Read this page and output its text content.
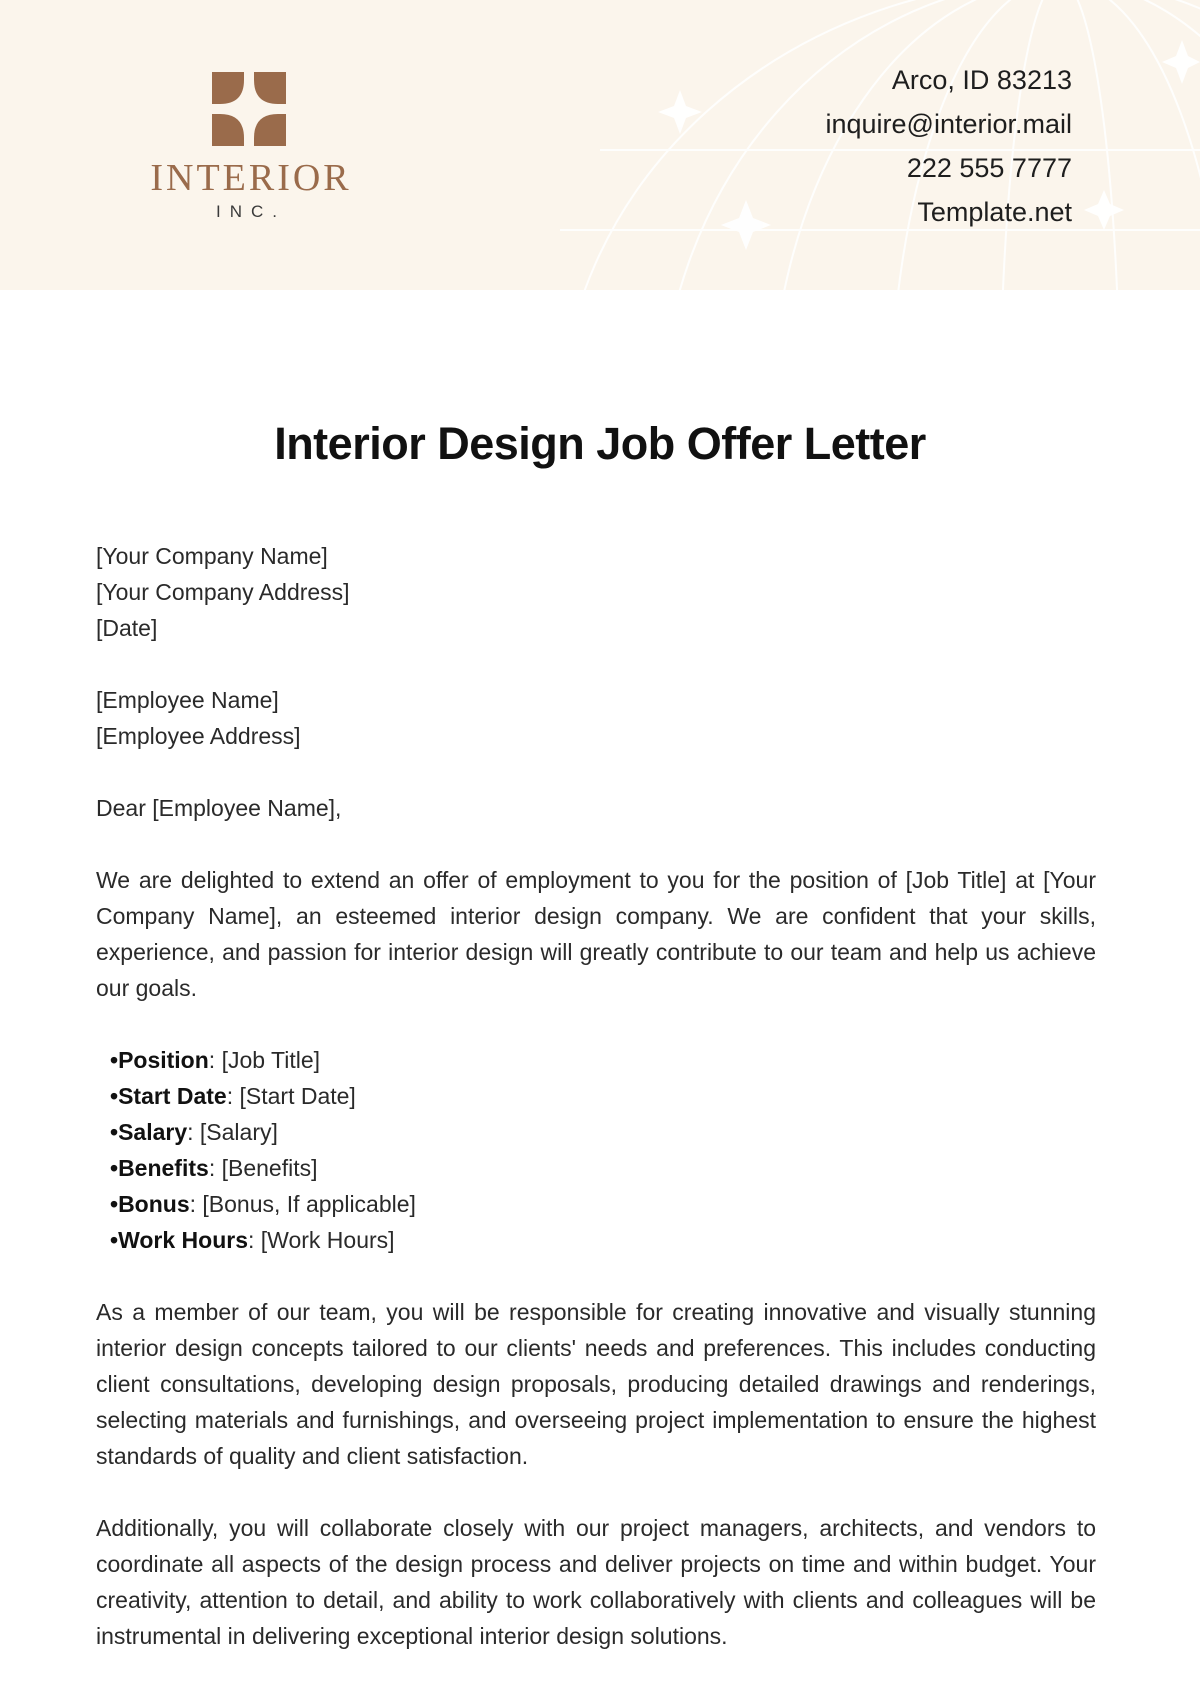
INTERIOR
INC.
Arco, ID 83213
inquire@interior.mail
222 555 7777
Template.net
Interior Design Job Offer Letter
[Your Company Name]
[Your Company Address]
[Date]
[Employee Name]
[Employee Address]

Dear [Employee Name],

We are delighted to extend an offer of employment to you for the position of [Job Title] at [Your Company Name], an esteemed interior design company. We are confident that your skills, experience, and passion for interior design will greatly contribute to our team and help us achieve our goals.

•Position: [Job Title]
•Start Date: [Start Date]
•Salary: [Salary]
•Benefits: [Benefits]
•Bonus: [Bonus, If applicable]
•Work Hours: [Work Hours]

As a member of our team, you will be responsible for creating innovative and visually stunning interior design concepts tailored to our clients' needs and preferences. This includes conducting client consultations, developing design proposals, producing detailed drawings and renderings, selecting materials and furnishings, and overseeing project implementation to ensure the highest standards of quality and client satisfaction.

Additionally, you will collaborate closely with our project managers, architects, and vendors to coordinate all aspects of the design process and deliver projects on time and within budget. Your creativity, attention to detail, and ability to work collaboratively with clients and colleagues will be instrumental in delivering exceptional interior design solutions.
